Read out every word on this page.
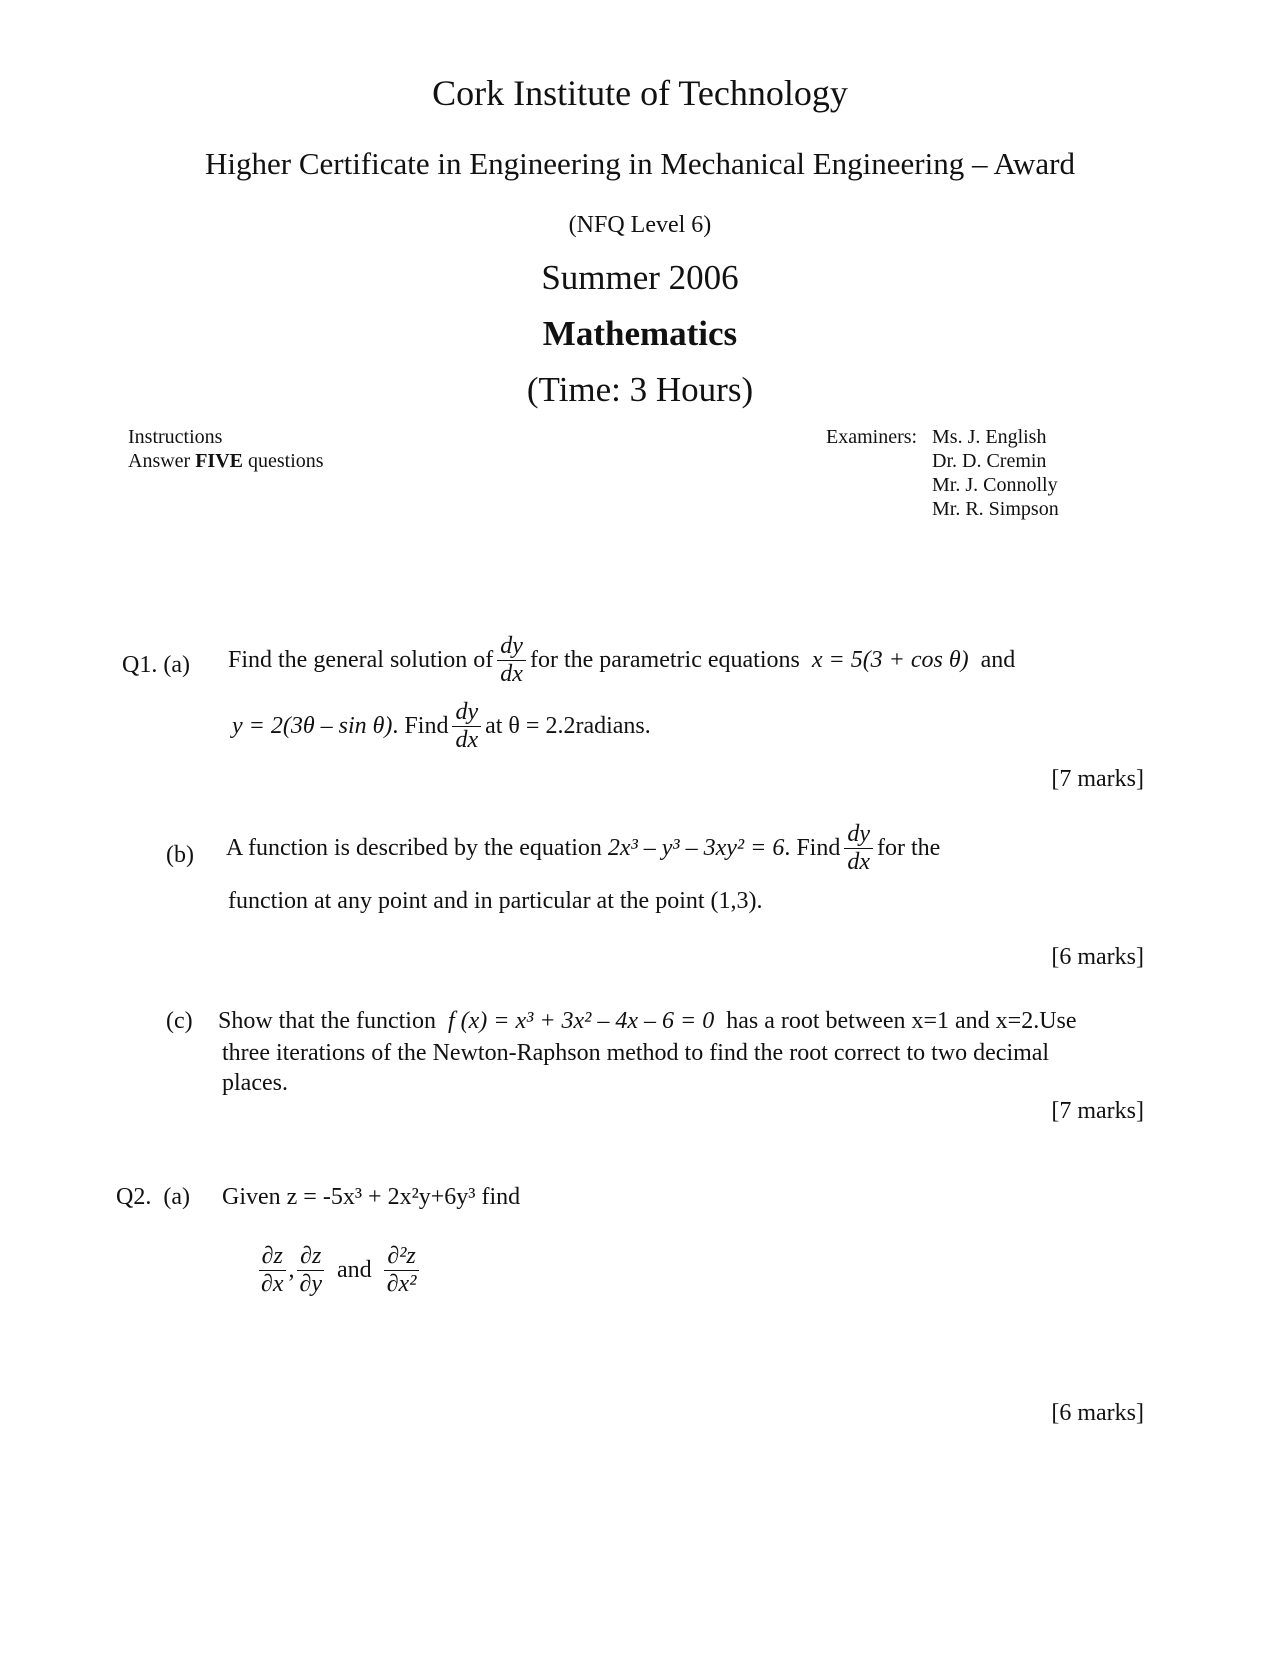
Cork Institute of Technology
Higher Certificate in Engineering in Mechanical Engineering – Award
(NFQ Level 6)
Summer 2006
Mathematics
(Time: 3 Hours)
Instructions
Answer FIVE questions
Examiners: Ms. J. English
Dr. D. Cremin
Mr. J. Connolly
Mr. R. Simpson
Q1. (a) Find the general solution of $\frac{dy}{dx}$ for the parametric equations
x = 5(3 + cos θ)
and
y = 2(3θ – sin θ) . Find $\frac{dy}{dx}$ at
θ = 2.2radians.
[7 marks]
(b) A function is described by the equation
2x³ – y³ – 3xy² = 6 . Find $\frac{dy}{dx}$ for the
function at any point and in particular at the point (1,3).
[6 marks]
(c) Show that the function f (x) = x³ + 3x² – 4x – 6 = 0 has a root between x=1 and x=2.Use
three iterations of the Newton-Raphson method to find the root correct to two decimal
places.
[7 marks]
Q2. (a) Given z = -5x³ + 2x²y+6y³ find
$\frac{\partial z}{\partial x}$ , $\frac{\partial z}{\partial y}$ and $\frac{\text{∂²z}}{\text{∂x²}}$
[6 marks]
